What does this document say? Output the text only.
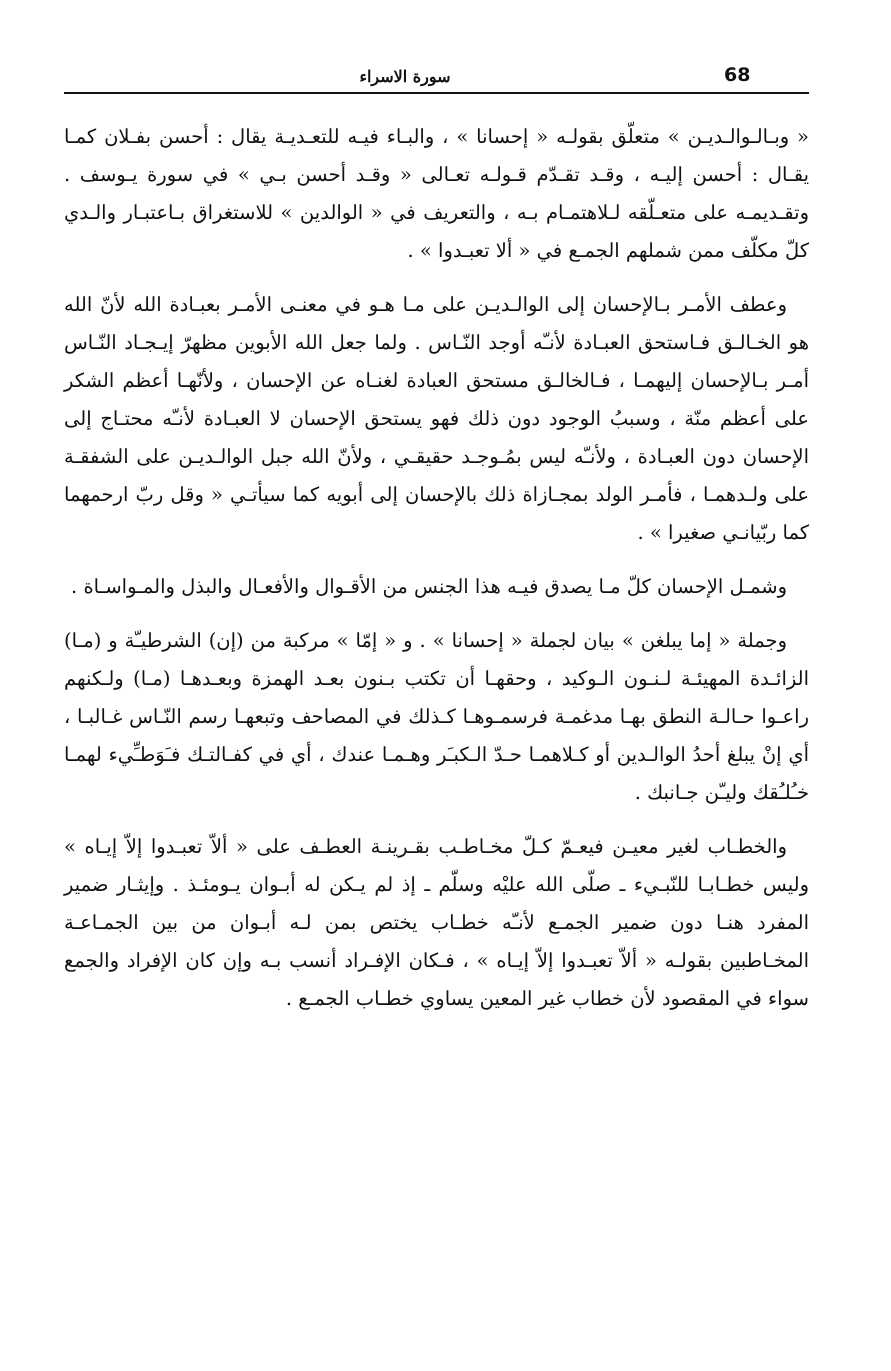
68
سورة الاسراء

« وبـالـوالـديـن » متعلّق بقولـه « إحسانا » ، والبـاء فيـه للتعـديـة يقال : أحسن بفـلان كمـا يقـال : أحسن إليـه ، وقـد تقـدّم قـولـه تعـالى « وقـد أحسن بـي » في سورة يـوسف . وتقـديمـه على متعـلّقه لـلاهتمـام بـه ، والتعريف في « الوالدين » للاستغراق بـاعتبـار والـدي كلّ مكلّف ممن شملهم الجمـع في « ألا تعبـدوا » .

وعطف الأمـر بـالإحسان إلى الوالـديـن على مـا هـو في معنـى الأمـر بعبـادة الله لأنّ الله هو الخـالـق فـاستحق العبـادة لأنـّه أوجد النّـاس . ولما جعل الله الأبوين مظهرّ إيـجـاد النّـاس أمـر بـالإحسان إليهمـا ، فـالخالـق مستحق العبادة لغنـاه عن الإحسان ، ولأنّهـا أعظم الشكر على أعظم منّة ، وسببُ الوجود دون ذلك فهو يستحق الإحسان لا العبـادة لأنـّه محتـاج إلى الإحسان دون العبـادة ، ولأنـّه ليس بمُـوجـد حقيقـي ، ولأنّ الله جبل الوالـديـن على الشفقـة على ولـدهمـا ، فأمـر الولد بمجـازاة ذلك بالإحسان إلى أبويه كما سيأتـي « وقل ربّ ارحمهما كما ربّيانـي صغيرا » .

وشمـل الإحسان كلّ مـا يصدق فيـه هذا الجنس من الأقـوال والأفعـال والبذل والمـواسـاة .

وجملة « إما يبلغن » بيان لجملة « إحسانا » . و « إمّا » مركبة من (إن) الشرطيـّة و (مـا) الزائـدة المهيئـة لـنـون الـوكيد ، وحقهـا أن تكتب بـنون بعـد الهمزة وبعـدهـا (مـا) ولـكنهم راعـوا حـالـة النطق بهـا مدغمـة فرسمـوهـا كـذلك في المصاحف وتبعهـا رسم النّـاس غـالبـا ، أي إنْ يبلغ أحدُ الوالـدين أو كـلاهمـا حـدّ الـكبـَر وهـمـا عندك ، أي في كفـالتـك فـَوَطـِّيء لهمـا خـُلـُقك وليـّن جـانبك .

والخطـاب لغير معيـن فيعـمّ كـلّ مخـاطـب بقـرينـة العطـف على « ألاّ تعبـدوا إلاّ إيـاه » وليس خطـابـا للنّبـيء ـ صلّى الله عليْه وسلّم ـ إذ لم يـكن له أبـوان يـومئـذ . وإيثـار ضمير المفرد هنـا دون ضمير الجمـع لأنـّه خطـاب يختص بمن لـه أبـوان من بين الجمـاعـة المخـاطبين بقولـه « ألاّ تعبـدوا إلاّ إيـاه » ، فـكان الإفـراد أنسب بـه وإن كان الإفراد والجمع سواء في المقصود لأن خطاب غير المعين يساوي خطـاب الجمـع .
